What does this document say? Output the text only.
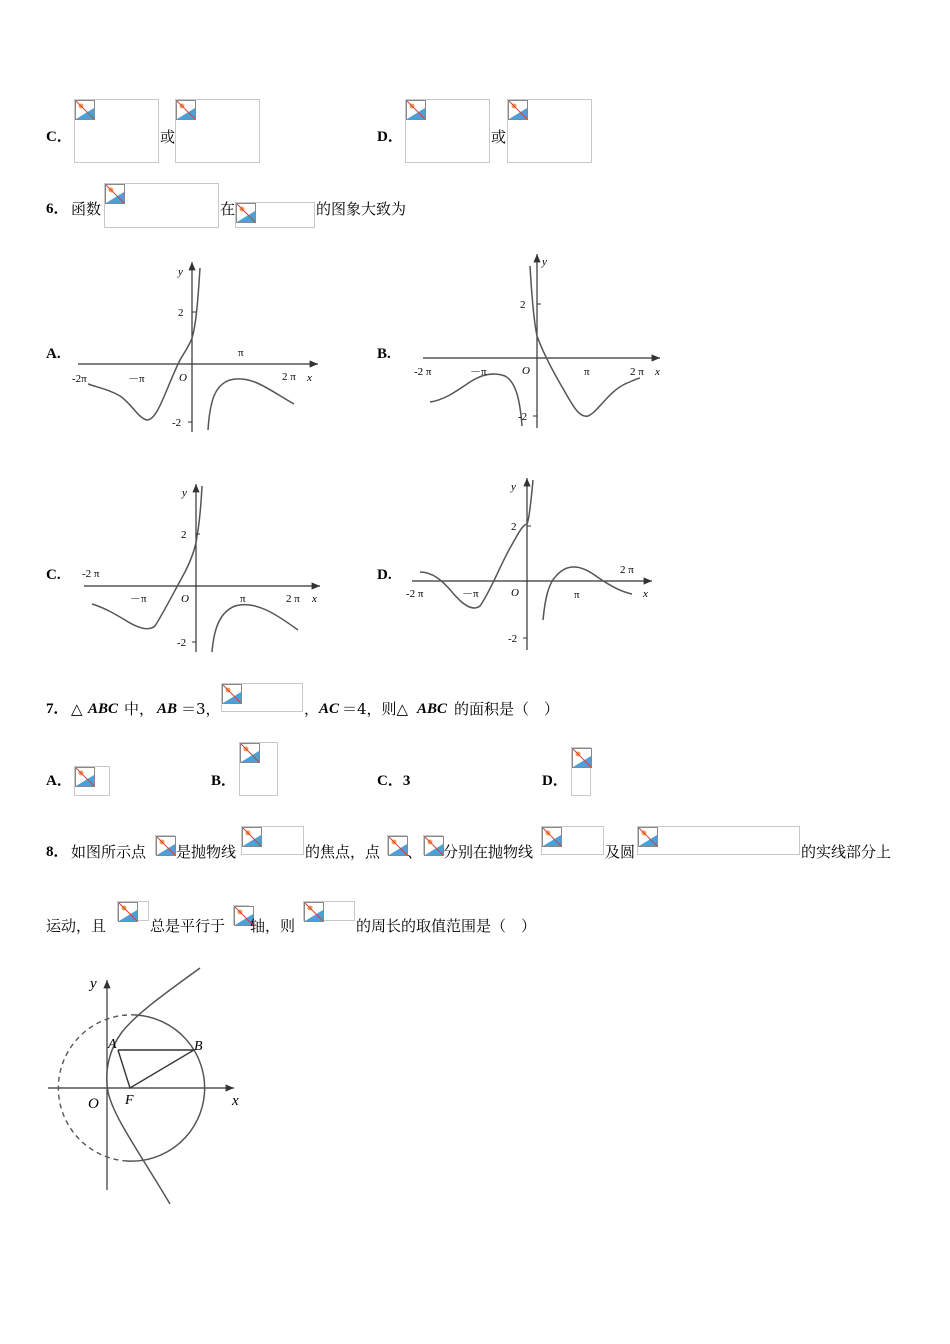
C．	或	D．	或
6． 函数	在	的图象大致为
A.	B.
C.	D.
y
x
-2π	－π	O
π
2 π
2
-2
y
x
-2 π	－π	O	π	2 π
2
-2
y
x
-2 π
－π	O	π	2 π
2
-2
y
x
-2 π	－π	O	π
2 π
2
-2
y
x
O
A	B
F
7． △ ABC 中， AB ＝3，	， AC ＝4，则△ ABC 的面积是（　）
A．	B．	C．3	D．
8． 如图所示点 是抛物线	的焦点，点 、 分别在抛物线	及圆	的实线部分上
运动，且	总是平行于 轴，则	的周长的取值范围是（　）
